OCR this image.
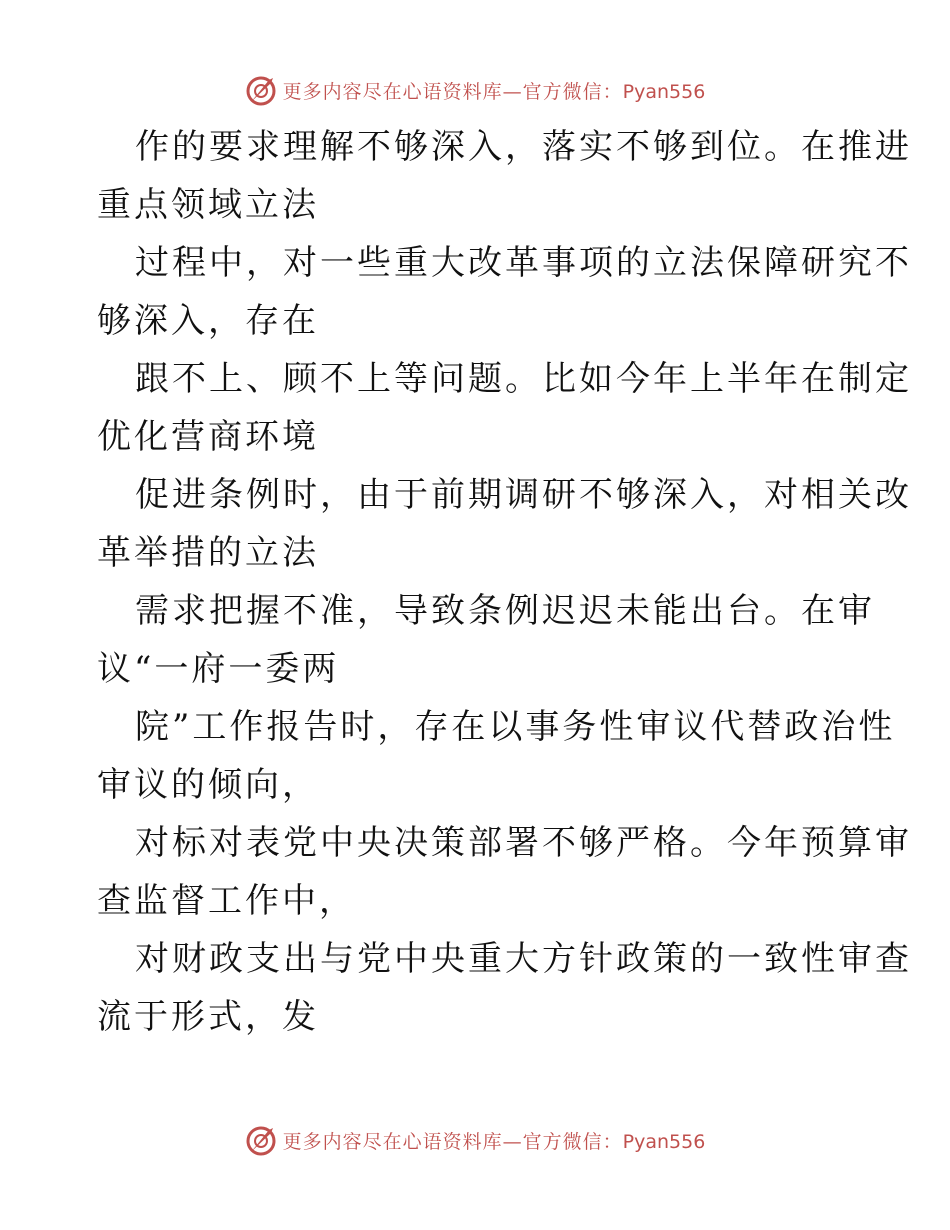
更多内容尽在心语资料库—官方微信：Pyan556

作的要求理解不够深入，落实不够到位。在推进
重点领域立法

过程中，对一些重大改革事项的立法保障研究不
够深入，存在

跟不上、顾不上等问题。比如今年上半年在制定
优化营商环境

促进条例时，由于前期调研不够深入，对相关改
革举措的立法

需求把握不准，导致条例迟迟未能出台。在审
议“一府一委两

院”工作报告时，存在以事务性审议代替政治性
审议的倾向，

对标对表党中央决策部署不够严格。今年预算审
查监督工作中，

对财政支出与党中央重大方针政策的一致性审查
流于形式，发

更多内容尽在心语资料库—官方微信：Pyan556
